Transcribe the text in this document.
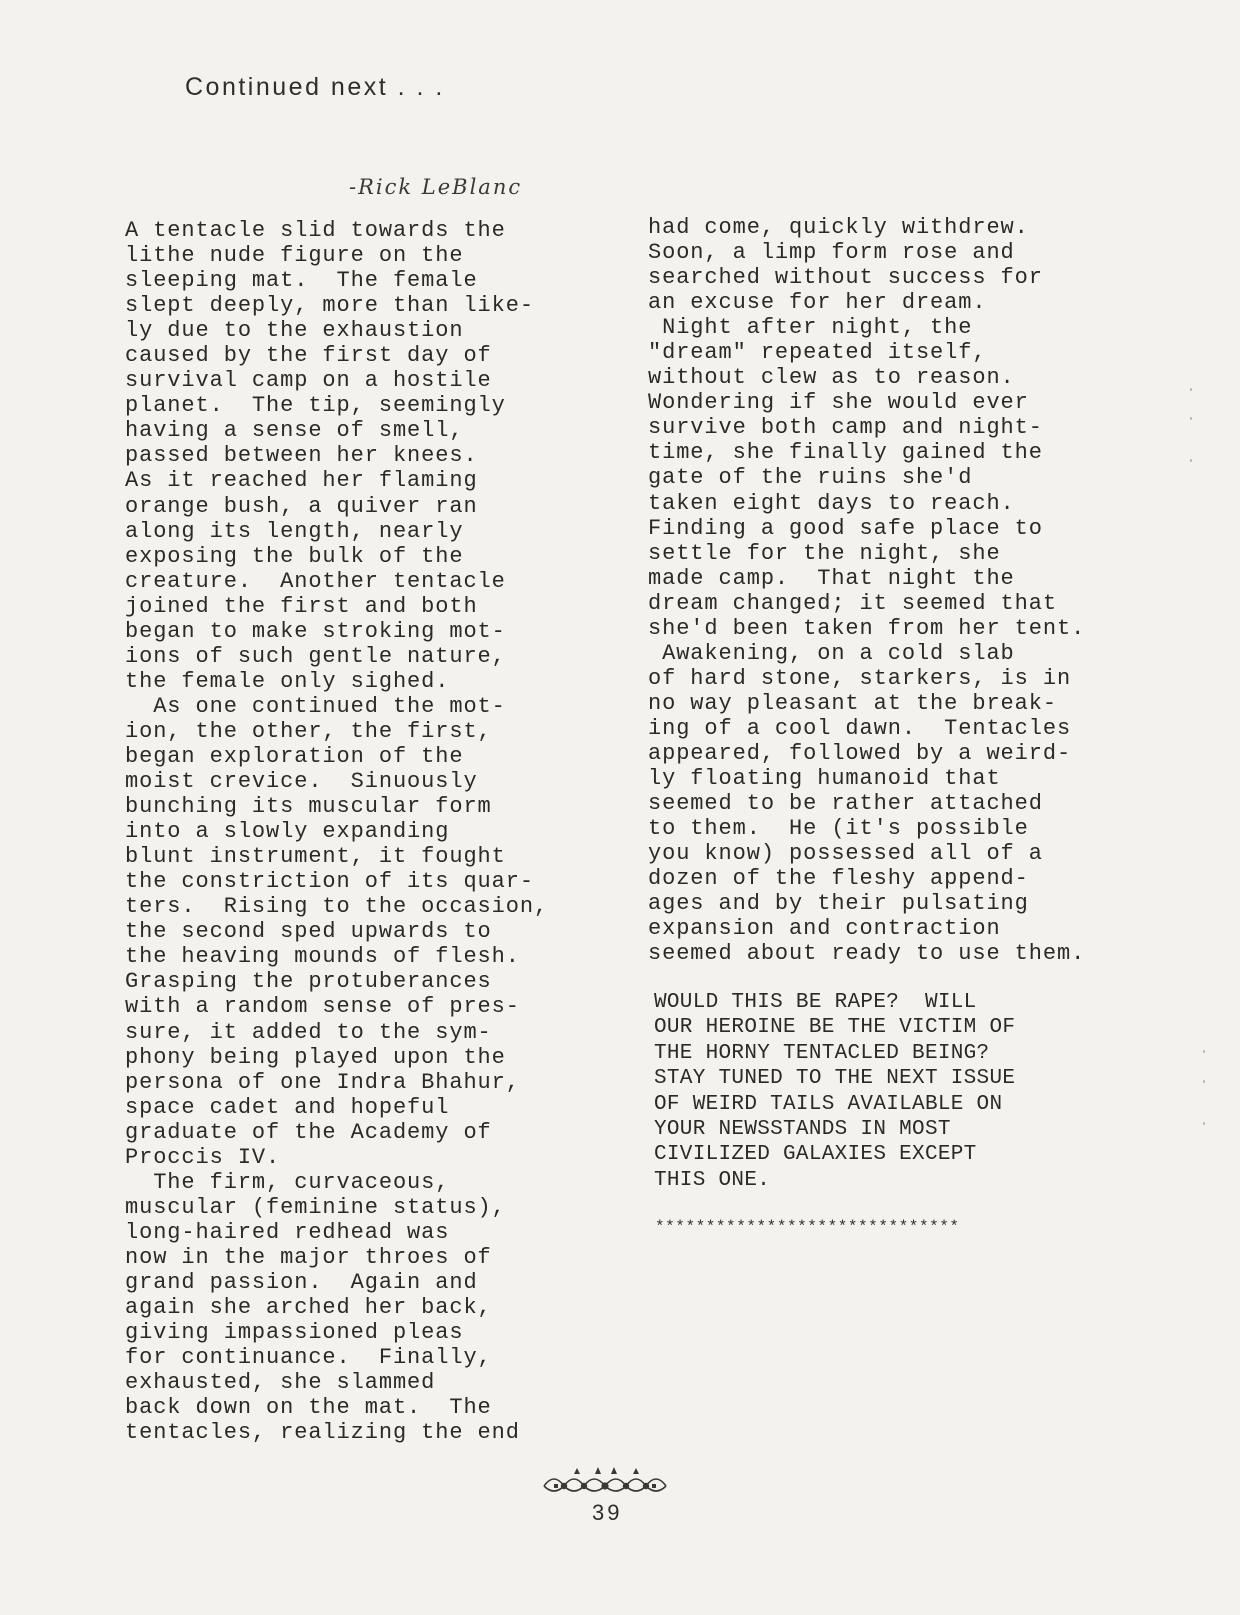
Continued next . . .
-Rick LeBlanc
A tentacle slid towards the
lithe nude figure on the
sleeping mat.  The female
slept deeply, more than like-
ly due to the exhaustion
caused by the first day of
survival camp on a hostile
planet.  The tip, seemingly
having a sense of smell,
passed between her knees.
As it reached her flaming
orange bush, a quiver ran
along its length, nearly
exposing the bulk of the
creature.  Another tentacle
joined the first and both
began to make stroking mot-
ions of such gentle nature,
the female only sighed.
As one continued the mot-
ion, the other, the first,
began exploration of the
moist crevice.  Sinuously
bunching its muscular form
into a slowly expanding
blunt instrument, it fought
the constriction of its quar-
ters.  Rising to the occasion,
the second sped upwards to
the heaving mounds of flesh.
Grasping the protuberances
with a random sense of pres-
sure, it added to the sym-
phony being played upon the
persona of one Indra Bhahur,
space cadet and hopeful
graduate of the Academy of
Proccis IV.
The firm, curvaceous,
muscular (feminine status),
long-haired redhead was
now in the major throes of
grand passion.  Again and
again she arched her back,
giving impassioned pleas
for continuance.  Finally,
exhausted, she slammed
back down on the mat.  The
tentacles, realizing the end
had come, quickly withdrew.
Soon, a limp form rose and
searched without success for
an excuse for her dream.
Night after night, the
"dream" repeated itself,
without clew as to reason.
Wondering if she would ever
survive both camp and night-
time, she finally gained the
gate of the ruins she'd
taken eight days to reach.
Finding a good safe place to
settle for the night, she
made camp.  That night the
dream changed; it seemed that
she'd been taken from her tent.
Awakening, on a cold slab
of hard stone, starkers, is in
no way pleasant at the break-
ing of a cool dawn.  Tentacles
appeared, followed by a weird-
ly floating humanoid that
seemed to be rather attached
to them.  He (it's possible
you know) possessed all of a
dozen of the fleshy append-
ages and by their pulsating
expansion and contraction
seemed about ready to use them.
WOULD THIS BE RAPE?  WILL
OUR HEROINE BE THE VICTIM OF
THE HORNY TENTACLED BEING?
STAY TUNED TO THE NEXT ISSUE
OF WEIRD TAILS AVAILABLE ON
YOUR NEWSSTANDS IN MOST
CIVILIZED GALAXIES EXCEPT
THIS ONE.
******************************
39
